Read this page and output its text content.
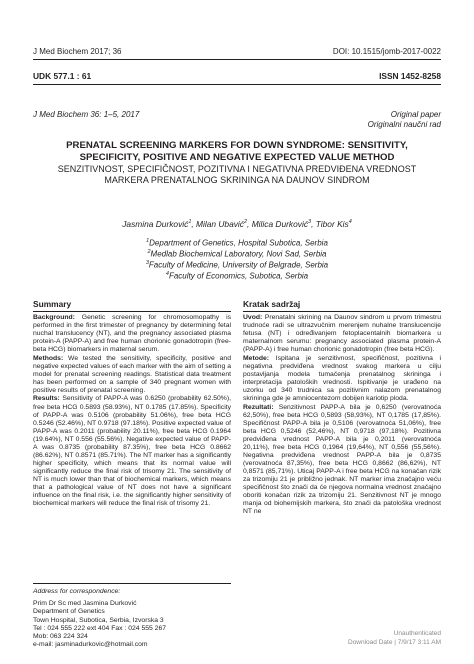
J Med Biochem 2017; 36	DOI: 10.1515/jomb-2017-0022
UDK 577.1 : 61	ISSN 1452-8258
J Med Biochem 36: 1–5, 2017	Original paper
Originalni naučni rad
PRENATAL SCREENING MARKERS FOR DOWN SYNDROME: SENSITIVITY,
SPECIFICITY, POSITIVE AND NEGATIVE EXPECTED VALUE METHOD
SENZITIVNOST, SPECIFIČNOST, POZITIVNA I NEGATIVNA PREDVIĐENA VREDNOST
MARKERA PRENATALNOG SKRININGA NA DAUNOV SINDROM
Jasmina Durković$^1$, Milan Ubavić$^2$, Milica Durković$^3$, Tibor Kis$^4$
$^1$Department of Genetics, Hospital Subotica, Serbia
$^2$Medlab Biochemical Laboratory, Novi Sad, Serbia
$^3$Faculty of Medicine, University of Belgrade, Serbia
$^4$Faculty of Economics, Subotica, Serbia
Summary

Background: Genetic screening for chromosomopathy is performed in the first trimester of pregnancy by determining fetal nuchal translucency (NT), and the pregnancy associated plasma protein-A (PAPP-A) and free human chorionic gonadotropin (free-beta HCG) biomarkers in maternal serum.

Methods: We tested the sensitivity, specificity, positive and negative expected values of each marker with the aim of setting a model for prenatal screening readings. Statistical data treatment has been performed on a sample of 340 pregnant women with positive results of prenatal screening.

Results: Sensitivity of PAPP-A was 0.6250 (probability 62.50%), free beta HCG 0.5893 (58.93%), NT 0.1785 (17.85%). Specificity of PAPP-A was 0.5106 (probability 51.06%), free beta HCG 0.5246 (52.46%), NT 0.9718 (97.18%). Positive expected value of PAPP-A was 0.2011 (probability 20.11%), free beta HCG 0.1964 (19.64%), NT 0.556 (55.56%). Negative expected value of PAPP-A was 0.8735 (probability 87.35%), free beta HCG 0.8662 (86.62%), NT 0.8571 (85.71%). The NT marker has a significantly higher specificity, which means that its normal value will significantly reduce the final risk of trisomy 21. The sensitivity of NT is much lower than that of biochemical markers, which means that a pathological value of NT does not have a significant influence on the final risk, i.e. the significantly higher sensitivity of biochemical markers will reduce the final risk of trisomy 21.

Kratak sadržaj

Uvod: Prenatalni skrining na Daunov sindrom u prvom trimestru trudnoće radi se ultrazvučnim merenjem nuhalne translucencije fetusa (NT) i određivanjem fetoplacentalnih biomarkera u maternalnom serumu: pregnancy associated plasma protein-A (PAPP-A) i free human chorionic gonadotropin (free beta HCG).

Metode: Ispitana je senzitivnost, specifičnost, pozitivna i negativna predviđena vrednost svakog markera u cilju postavljanja modela tumačenja prenatalnog skrininga i interpretacija patoloških vrednosti. Ispitivanje je urađeno na uzorku od 340 trudnica sa pozitivnim nalazom prenatalnog skrininga gde je amniocentezom dobijen kariotip ploda.

Rezultati: Senzitivnost PAPP-A bila je 0,6250 (verovatnoća 62,50%), free beta HCG 0,5893 (58,93%), NT 0,1785 (17,85%). Specifičnost PAPP-A bila je 0,5106 (verovatnoća 51,06%), free beta HCG 0,5246 (52,46%), NT 0,9718 (97,18%). Pozitivna predviđena vrednost PAPP-A bila je 0,2011 (verovatnoća 20,11%), free beta HCG 0,1964 (19,64%), NT 0,556 (55,56%). Negativna predviđena vrednost PAPP-A bila je 0,8735 (verovatnoća 87,35%), free beta HCG 0,8662 (86,62%), NT 0,8571 (85,71%). Uticaj PAPP-A i free beta HCG na konačan rizik za trizomiju 21 je približno jednak. NT marker ima značajno veću specifičnost što znači da će njegova normalna vrednost značajno oboriti konačan rizik za trizomiju 21. Senzitivnost NT je mnogo manja od biohemijskih markera, što znači da patološka vrednost NT ne

Address for correspondence:
Prim Dr Sc med Jasmina Durković
Department of Genetics
Town Hospital, Subotica, Serbia, Izvorska 3
Tel : 024 555 222 ext 404 Fax : 024 555 267
Mob: 063 224 324
e-mail: jasminadurkovic@hotmail.com
Unauthenticated
Download Date | 7/9/17 3:11 AM
